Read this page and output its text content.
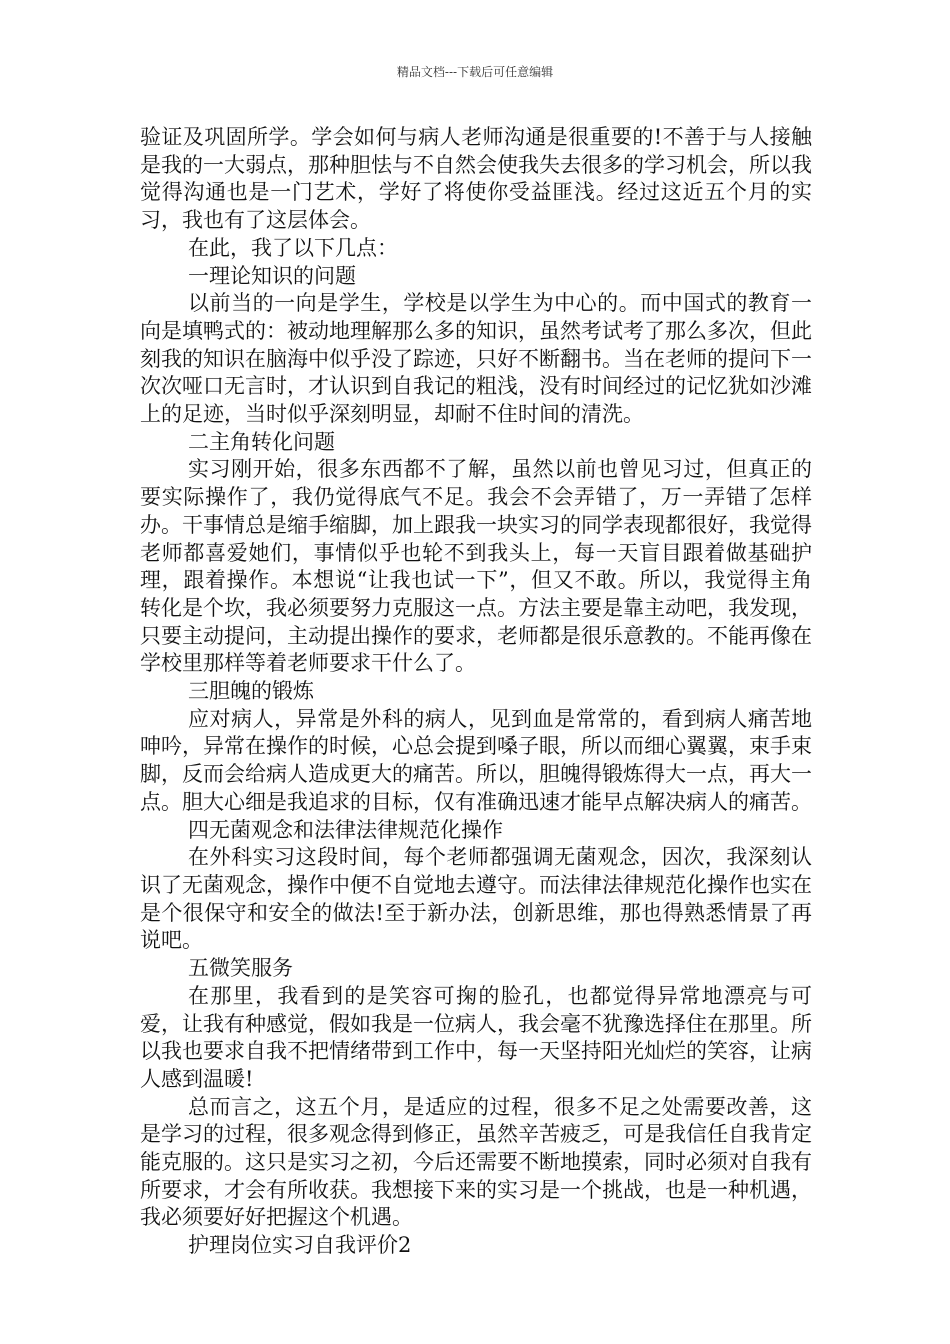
精品文档---下载后可任意编辑

验证及巩固所学。学会如何与病人老师沟通是很重要的!不善于与人接触是我的一大弱点，那种胆怯与不自然会使我失去很多的学习机会，所以我觉得沟通也是一门艺术，学好了将使你受益匪浅。经过这近五个月的实习，我也有了这层体会。

在此，我了以下几点：

一理论知识的问题

以前当的一向是学生，学校是以学生为中心的。而中国式的教育一向是填鸭式的：被动地理解那么多的知识，虽然考试考了那么多次，但此刻我的知识在脑海中似乎没了踪迹，只好不断翻书。当在老师的提问下一次次哑口无言时，才认识到自我记的粗浅，没有时间经过的记忆犹如沙滩上的足迹，当时似乎深刻明显，却耐不住时间的清洗。

二主角转化问题

实习刚开始，很多东西都不了解，虽然以前也曾见习过，但真正的要实际操作了，我仍觉得底气不足。我会不会弄错了，万一弄错了怎样办。干事情总是缩手缩脚，加上跟我一块实习的同学表现都很好，我觉得老师都喜爱她们，事情似乎也轮不到我头上，每一天盲目跟着做基础护理，跟着操作。本想说“让我也试一下”，但又不敢。所以，我觉得主角转化是个坎，我必须要努力克服这一点。方法主要是靠主动吧，我发现，只要主动提问，主动提出操作的要求，老师都是很乐意教的。不能再像在学校里那样等着老师要求干什么了。

三胆魄的锻炼

应对病人，异常是外科的病人，见到血是常常的，看到病人痛苦地呻吟，异常在操作的时候，心总会提到嗓子眼，所以而细心翼翼，束手束脚，反而会给病人造成更大的痛苦。所以，胆魄得锻炼得大一点，再大一点。胆大心细是我追求的目标，仅有准确迅速才能早点解决病人的痛苦。

四无菌观念和法律法律规范化操作

在外科实习这段时间，每个老师都强调无菌观念，因次，我深刻认识了无菌观念，操作中便不自觉地去遵守。而法律法律规范化操作也实在是个很保守和安全的做法!至于新办法，创新思维，那也得熟悉情景了再说吧。

五微笑服务

在那里，我看到的是笑容可掬的脸孔，也都觉得异常地漂亮与可爱，让我有种感觉，假如我是一位病人，我会毫不犹豫选择住在那里。所以我也要求自我不把情绪带到工作中，每一天坚持阳光灿烂的笑容，让病人感到温暖!

总而言之，这五个月，是适应的过程，很多不足之处需要改善，这是学习的过程，很多观念得到修正，虽然辛苦疲乏，可是我信任自我肯定能克服的。这只是实习之初，今后还需要不断地摸索，同时必须对自我有所要求，才会有所收获。我想接下来的实习是一个挑战，也是一种机遇，我必须要好好把握这个机遇。

护理岗位实习自我评价2
